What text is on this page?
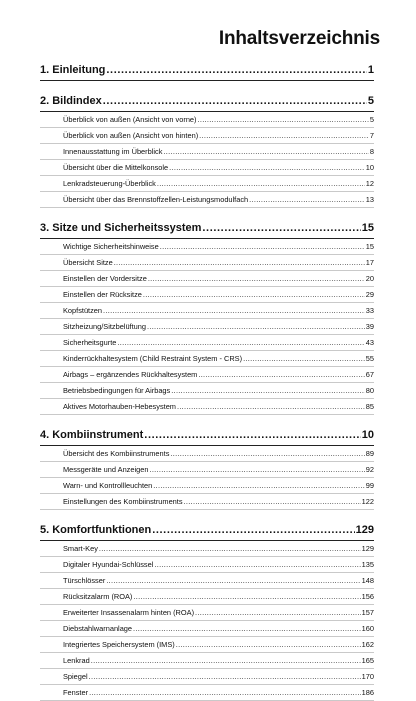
Inhaltsverzeichnis
1. Einleitung .....	1
2. Bildindex .....	5
Überblick von außen (Ansicht von vorne) .....	5
Überblick von außen (Ansicht von hinten) .....	7
Innenausstattung im Überblick .....	8
Übersicht über die Mittelkonsole .....	10
Lenkradsteuerung-Überblick .....	12
Übersicht über das Brennstoffzellen-Leistungsmodulfach .....	13
3. Sitze und Sicherheitssystem .....	15
Wichtige Sicherheitshinweise .....	15
Übersicht Sitze .....	17
Einstellen der Vordersitze .....	20
Einstellen der Rücksitze .....	29
Kopfstützen .....	33
Sitzheizung/Sitzbelüftung .....	39
Sicherheitsgurte .....	43
Kinderrückhaltesystem (Child Restraint System - CRS) .....	55
Airbags – ergänzendes Rückhaltesystem .....	67
Betriebsbedingungen für Airbags .....	80
Aktives Motorhauben-Hebesystem .....	85
4. Kombiinstrument .....	10
Übersicht des Kombiinstruments .....	89
Messgeräte und Anzeigen .....	92
Warn- und Kontrollleuchten .....	99
Einstellungen des Kombiinstruments .....	122
5. Komfortfunktionen .....	129
Smart-Key .....	129
Digitaler Hyundai-Schlüssel .....	135
Türschlösser .....	148
Rücksitzalarm (ROA) .....	156
Erweiterter Insassenalarm hinten (ROA) .....	157
Diebstahlwarnanlage .....	160
Integriertes Speichersystem (IMS) .....	162
Lenkrad .....	165
Spiegel .....	170
Fenster .....	186
